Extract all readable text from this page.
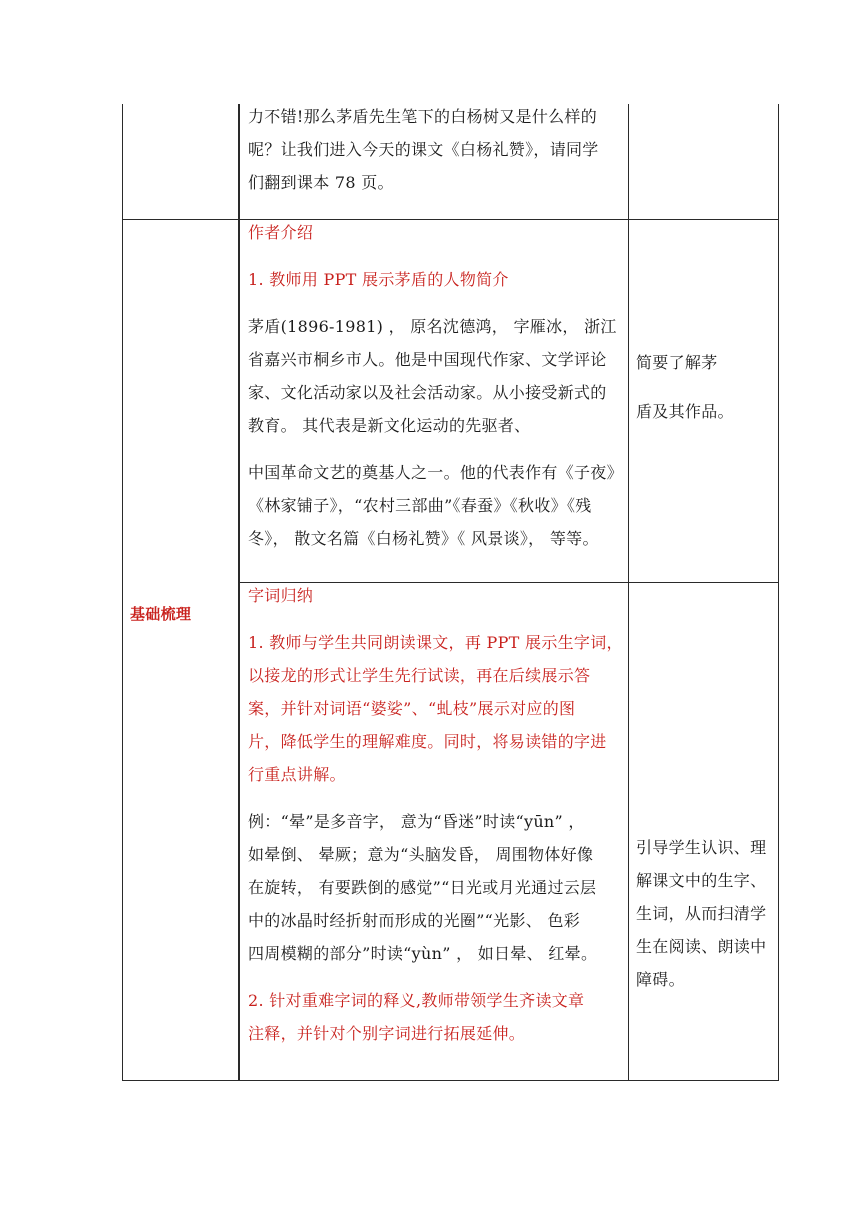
力不错!那么茅盾先生笔下的白杨树又是什么样的

呢？让我们进入今天的课文《白杨礼赞》，请同学

们翻到课本 78 页。

基础梳理

作者介绍

1. 教师用 PPT 展示茅盾的人物简介

茅盾(1896-1981) ， 原名沈德鸿， 字雁冰， 浙江

省嘉兴市桐乡市人。他是中国现代作家、文学评论

家、文化活动家以及社会活动家。从小接受新式的

教育。 其代表是新文化运动的先驱者、

中国革命文艺的奠基人之一。他的代表作有《子夜》

《林家铺子》，“农村三部曲”《春蚕》《秋收》《残

冬》， 散文名篇《白杨礼赞》《 风景谈》， 等等。

简要了解茅

盾及其作品。

字词归纳

1. 教师与学生共同朗读课文，再 PPT 展示生字词，

以接龙的形式让学生先行试读，再在后续展示答

案，并针对词语“婆娑”、“虬枝”展示对应的图

片，降低学生的理解难度。同时，将易读错的字进

行重点讲解。

例：“晕”是多音字， 意为“昏迷”时读“yūn” ，

如晕倒、 晕厥；意为“头脑发昏， 周围物体好像

在旋转， 有要跌倒的感觉”“日光或月光通过云层

中的冰晶时经折射而形成的光圈”“光影、 色彩

四周模糊的部分”时读“yùn” ， 如日晕、 红晕。

2. 针对重难字词的释义,教师带领学生齐读文章

注释，并针对个别字词进行拓展延伸。

引导学生认识、理

解课文中的生字、

生词，从而扫清学

生在阅读、朗读中

障碍。
